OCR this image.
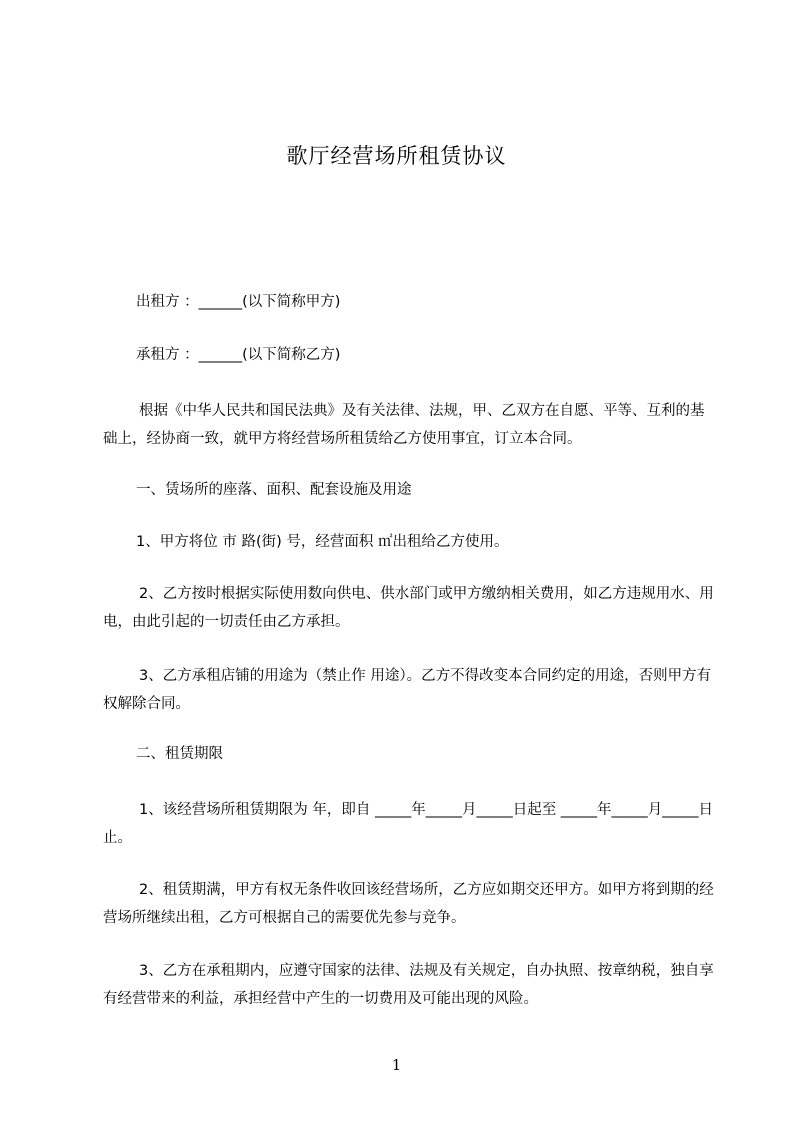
歌厅经营场所租赁协议

出租方 ：______(以下简称甲方)

承租方 ：______(以下简称乙方)

根据《中华人民共和国民法典》及有关法律、法规，甲、乙双方在自愿、平等、互利的基础上，经协商一致，就甲方将经营场所租赁给乙方使用事宜，订立本合同。

一、赁场所的座落、面积、配套设施及用途

1、甲方将位 市 路(街) 号，经营面积 ㎡出租给乙方使用。

2、乙方按时根据实际使用数向供电、供水部门或甲方缴纳相关费用，如乙方违规用水、用电，由此引起的一切责任由乙方承担。

3、乙方承租店铺的用途为（禁止作 用途）。乙方不得改变本合同约定的用途，否则甲方有权解除合同。

二、租赁期限

1、该经营场所租赁期限为 年，即自 _____年_____月_____日起至 _____年_____月_____日止。

2、租赁期满，甲方有权无条件收回该经营场所，乙方应如期交还甲方。如甲方将到期的经营场所继续出租，乙方可根据自己的需要优先参与竞争。

3、乙方在承租期内，应遵守国家的法律、法规及有关规定，自办执照、按章纳税，独自享有经营带来的利益，承担经营中产生的一切费用及可能出现的风险。

1
